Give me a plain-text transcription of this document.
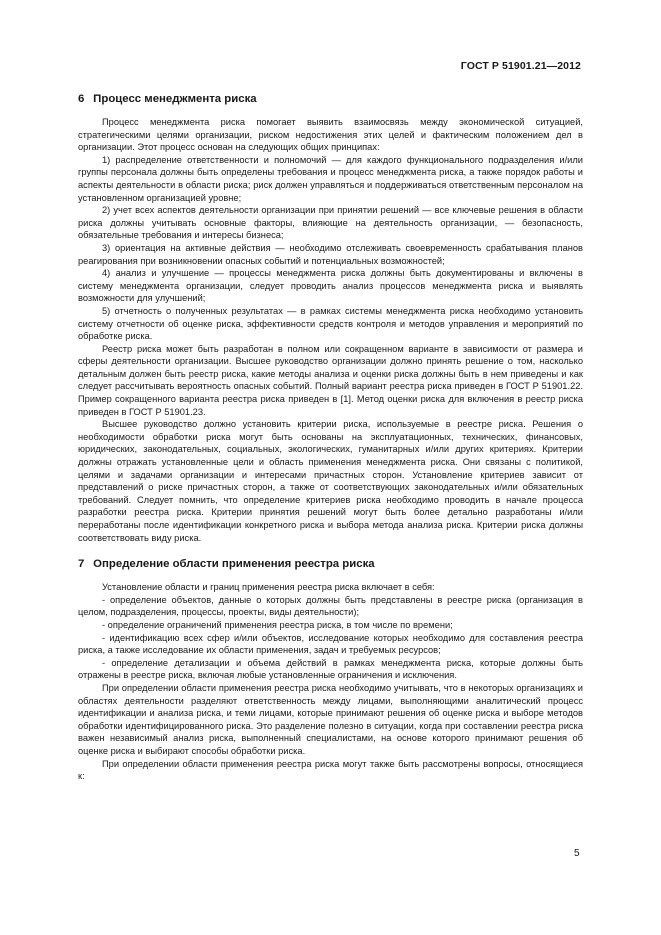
ГОСТ Р 51901.21—2012
6 Процесс менеджмента риска

Процесс менеджмента риска помогает выявить взаимосвязь между экономической ситуацией, стратегическими целями организации, риском недостижения этих целей и фактическим положением дел в организации. Этот процесс основан на следующих общих принципах:

1) распределение ответственности и полномочий — для каждого функционального подразделения и/или группы персонала должны быть определены требования и процесс менеджмента риска, а также порядок работы и аспекты деятельности в области риска; риск должен управляться и поддерживаться ответственным персоналом на установленном организацией уровне;

2) учет всех аспектов деятельности организации при принятии решений — все ключевые решения в области риска должны учитывать основные факторы, влияющие на деятельность организации, — безопасность, обязательные требования и интересы бизнеса;

3) ориентация на активные действия — необходимо отслеживать своевременность срабатывания планов реагирования при возникновении опасных событий и потенциальных возможностей;

4) анализ и улучшение — процессы менеджмента риска должны быть документированы и включены в систему менеджмента организации, следует проводить анализ процессов менеджмента риска и выявлять возможности для улучшений;

5) отчетность о полученных результатах — в рамках системы менеджмента риска необходимо установить систему отчетности об оценке риска, эффективности средств контроля и методов управления и мероприятий по обработке риска.

Реестр риска может быть разработан в полном или сокращенном варианте в зависимости от размера и сферы деятельности организации. Высшее руководство организации должно принять решение о том, насколько детальным должен быть реестр риска, какие методы анализа и оценки риска должны быть в нем приведены и как следует рассчитывать вероятность опасных событий. Полный вариант реестра риска приведен в ГОСТ Р 51901.22. Пример сокращенного варианта реестра риска приведен в [1]. Метод оценки риска для включения в реестр риска приведен в ГОСТ Р 51901.23.

Высшее руководство должно установить критерии риска, используемые в реестре риска. Решения о необходимости обработки риска могут быть основаны на эксплуатационных, технических, финансовых, юридических, законодательных, социальных, экологических, гуманитарных и/или других критериях. Критерии должны отражать установленные цели и область применения менеджмента риска. Они связаны с политикой, целями и задачами организации и интересами причастных сторон. Установление критериев зависит от представлений о риске причастных сторон, а также от соответствующих законодательных и/или обязательных требований. Следует помнить, что определение критериев риска необходимо проводить в начале процесса разработки реестра риска. Критерии принятия решений могут быть более детально разработаны и/или переработаны после идентификации конкретного риска и выбора метода анализа риска. Критерии риска должны соответствовать виду риска.

7 Определение области применения реестра риска

Установление области и границ применения реестра риска включает в себя:

- определение объектов, данные о которых должны быть представлены в реестре риска (организация в целом, подразделения, процессы, проекты, виды деятельности);

- определение ограничений применения реестра риска, в том числе по времени;

- идентификацию всех сфер и/или объектов, исследование которых необходимо для составления реестра риска, а также исследование их области применения, задач и требуемых ресурсов;

- определение детализации и объема действий в рамках менеджмента риска, которые должны быть отражены в реестре риска, включая любые установленные ограничения и исключения.

При определении области применения реестра риска необходимо учитывать, что в некоторых организациях и областях деятельности разделяют ответственность между лицами, выполняющими аналитический процесс идентификации и анализа риска, и теми лицами, которые принимают решения об оценке риска и выборе методов обработки идентифицированного риска. Это разделение полезно в ситуации, когда при составлении реестра риска важен независимый анализ риска, выполненный специалистами, на основе которого принимают решения об оценке риска и выбирают способы обработки риска.

При определении области применения реестра риска могут также быть рассмотрены вопросы, относящиеся к:

5
